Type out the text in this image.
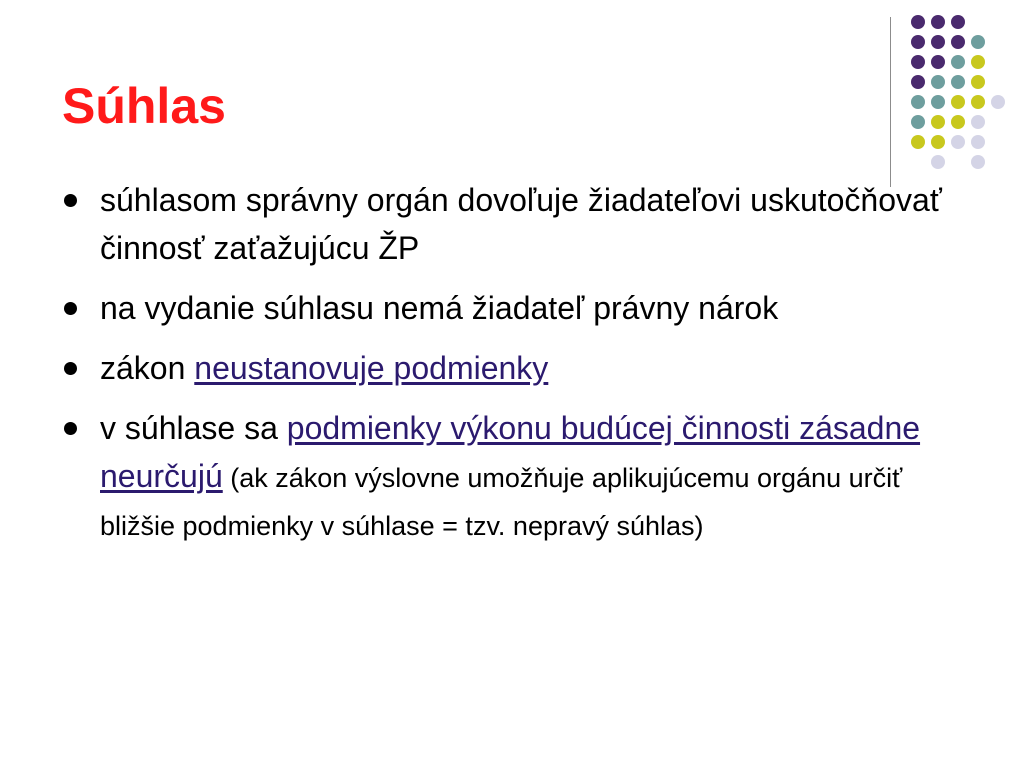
Súhlas
súhlasom správny orgán dovoľuje žiadateľovi uskutočňovať činnosť zaťažujúcu ŽP
na vydanie súhlasu nemá žiadateľ právny nárok
zákon neustanovuje podmienky
v súhlase sa podmienky výkonu budúcej činnosti zásadne neurčujú (ak zákon výslovne umožňuje aplikujúcemu orgánu určiť bližšie podmienky v súhlase = tzv. nepravý súhlas)
